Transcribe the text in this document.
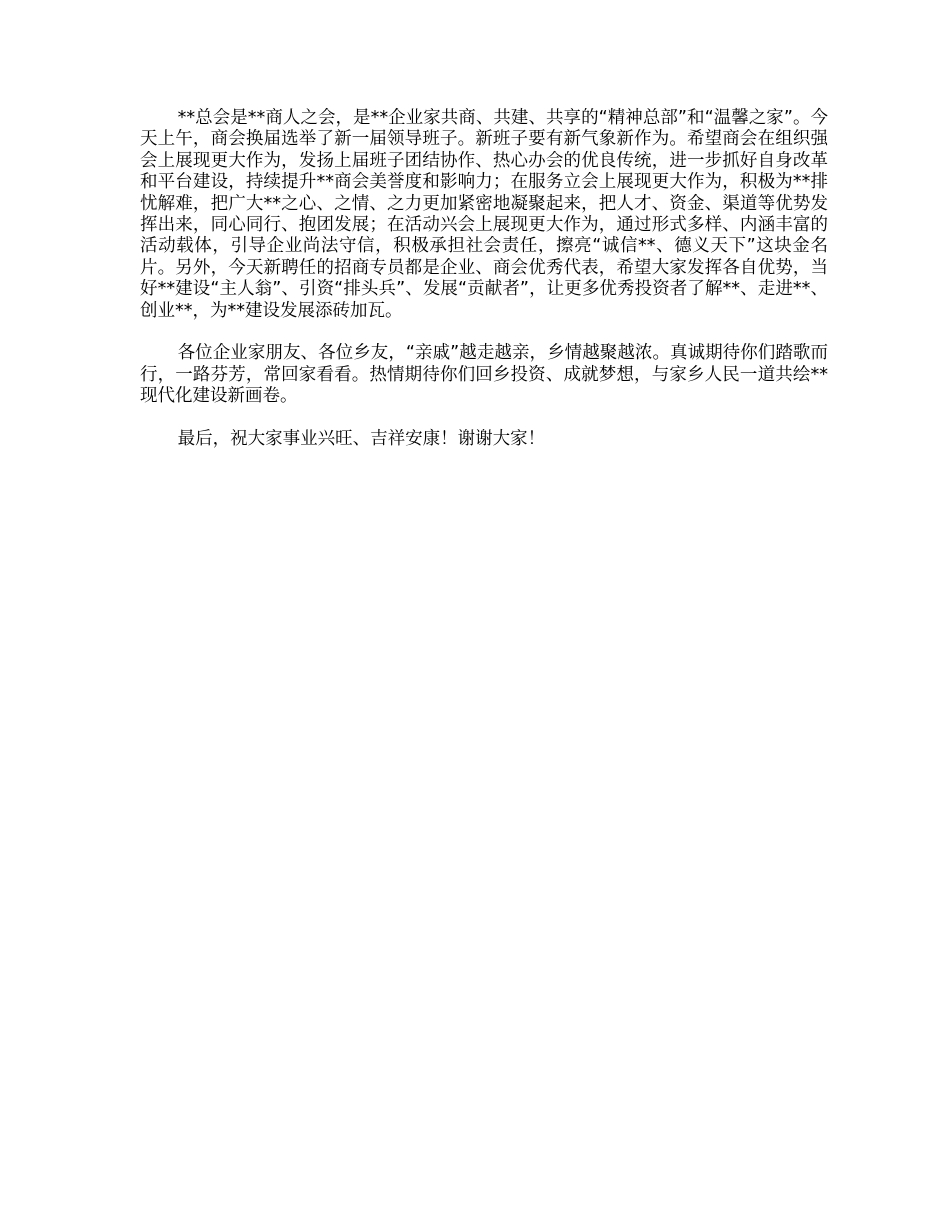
**总会是**商人之会，是**企业家共商、共建、共享的“精神总部”和“温馨之家”。今天上午，商会换届选举了新一届领导班子。新班子要有新气象新作为。希望商会在组织强会上展现更大作为，发扬上届班子团结协作、热心办会的优良传统，进一步抓好自身改革和平台建设，持续提升**商会美誉度和影响力；在服务立会上展现更大作为，积极为**排忧解难，把广大**之心、之情、之力更加紧密地凝聚起来，把人才、资金、渠道等优势发挥出来，同心同行、抱团发展；在活动兴会上展现更大作为，通过形式多样、内涵丰富的活动载体，引导企业尚法守信，积极承担社会责任，擦亮“诚信**、德义天下”这块金名片。另外，今天新聘任的招商专员都是企业、商会优秀代表，希望大家发挥各自优势，当好**建设“主人翁”、引资“排头兵”、发展“贡献者”，让更多优秀投资者了解**、走进**、创业**，为**建设发展添砖加瓦。

各位企业家朋友、各位乡友，“亲戚”越走越亲，乡情越聚越浓。真诚期待你们踏歌而行，一路芬芳，常回家看看。热情期待你们回乡投资、成就梦想，与家乡人民一道共绘**现代化建设新画卷。

最后，祝大家事业兴旺、吉祥安康！谢谢大家！
